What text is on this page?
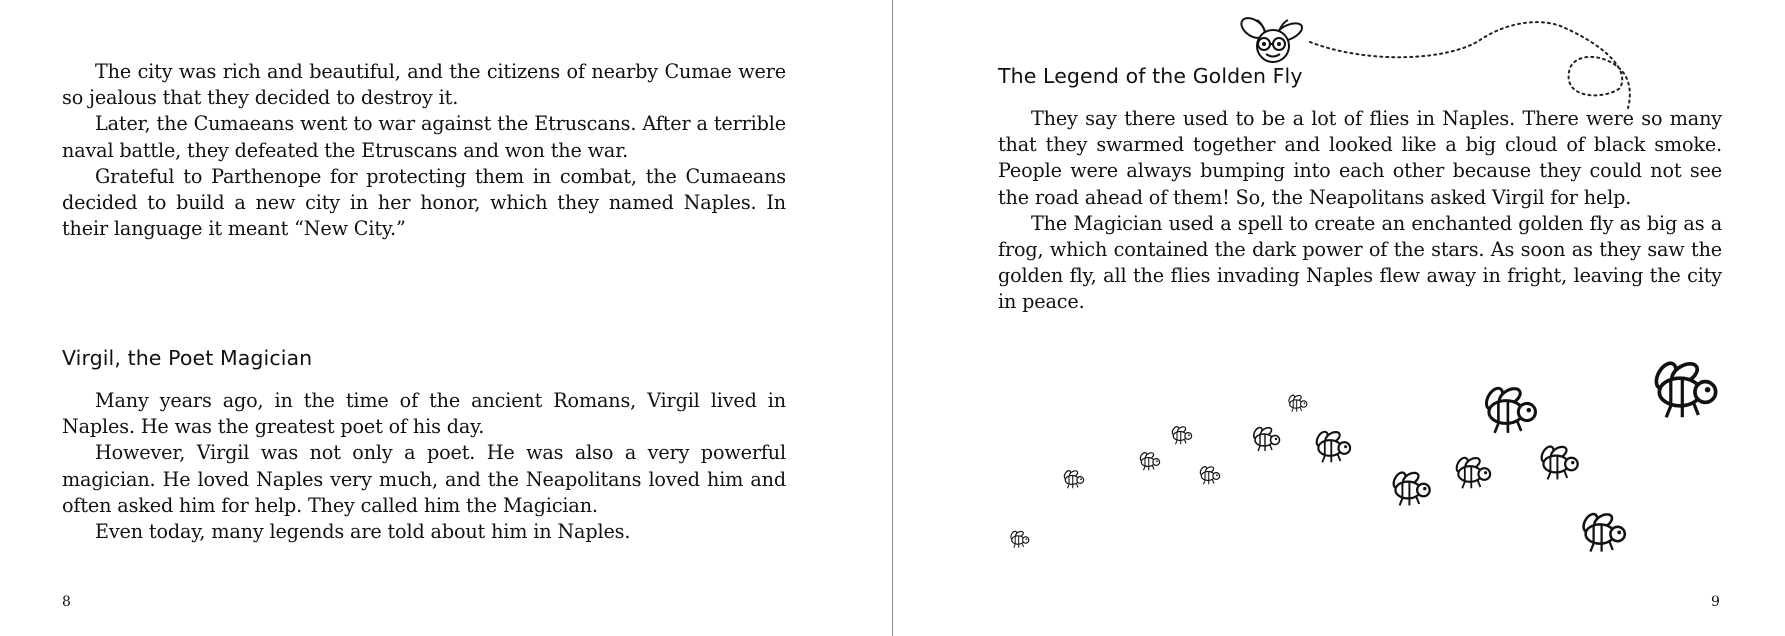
The city was rich and beautiful, and the citizens of nearby Cumae were so jealous that they decided to destroy it.

Later, the Cumaeans went to war against the Etruscans. After a terrible naval battle, they defeated the Etruscans and won the war.

Grateful to Parthenope for protecting them in combat, the Cumaeans decided to build a new city in her honor, which they named Naples. In their language it meant “New City.”

Virgil, the Poet Magician

Many years ago, in the time of the ancient Romans, Virgil lived in Naples. He was the greatest poet of his day.

However, Virgil was not only a poet. He was also a very powerful magician. He loved Naples very much, and the Neapolitans loved him and often asked him for help. They called him the Magician.

Even today, many legends are told about him in Naples.

8
The Legend of the Golden Fly

They say there used to be a lot of flies in Naples. There were so many that they swarmed together and looked like a big cloud of black smoke. People were always bumping into each other because they could not see the road ahead of them! So, the Neapolitans asked Virgil for help.

The Magician used a spell to create an enchanted golden fly as big as a frog, which contained the dark power of the stars. As soon as they saw the golden fly, all the flies invading Naples flew away in fright, leaving the city in peace.

9
